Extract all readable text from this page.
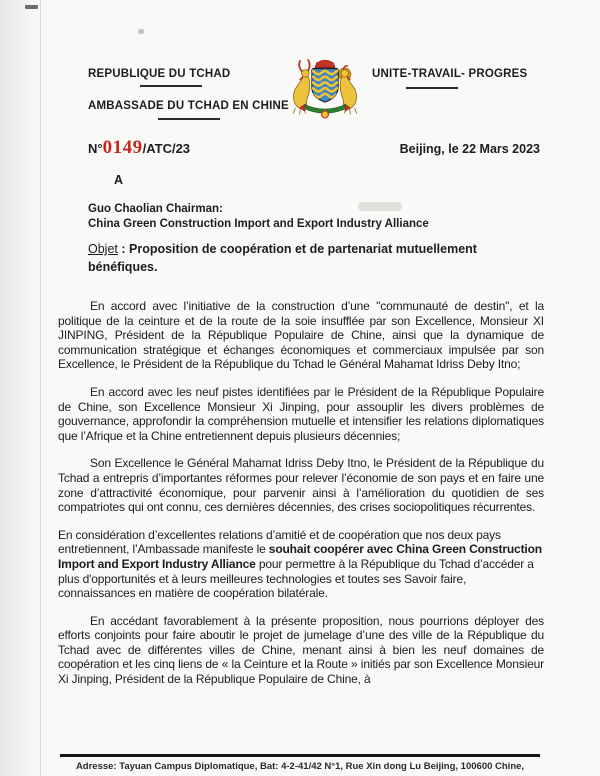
REPUBLIQUE DU TCHAD
AMBASSADE DU TCHAD EN CHINE
UNITE-TRAVAIL- PROGRES
N°0149/ATC/23	Beijing, le 22 Mars 2023
A
Guo Chaolian Chairman:
China Green Construction Import and Export Industry Alliance
Objet : Proposition de coopération et de partenariat mutuellement bénéfiques.

En accord avec l’initiative de la construction d’une "communauté de destin", et la politique de la ceinture et de la route de la soie insufflée par son Excellence, Monsieur XI JINPING, Président de la République Populaire de Chine, ainsi que la dynamique de communication stratégique et échanges économiques et commerciaux impulsée par son Excellence, le Président de la République du Tchad le Général Mahamat Idriss Deby Itno;

En accord avec les neuf pistes identifiées par le Président de la République Populaire de Chine, son Excellence Monsieur Xi Jinping, pour assouplir les divers problèmes de gouvernance, approfondir la compréhension mutuelle et intensifier les relations diplomatiques que l’Afrique et la Chine entretiennent depuis plusieurs décennies;

Son Excellence le Général Mahamat Idriss Deby Itno, le Président de la République du Tchad a entrepris d’importantes réformes pour relever l’économie de son pays et en faire une zone d’attractivité économique, pour parvenir ainsi à l’amélioration du quotidien de ses compatriotes qui ont connu, ces dernières décennies, des crises sociopolitiques récurrentes.

En considération d’excellentes relations d’amitié et de coopération que nos deux pays entretiennent, l’Ambassade manifeste le souhait coopérer avec China Green Construction Import and Export Industry Alliance pour permettre à la République du Tchad d’accéder a plus d'opportunités et à leurs meilleures technologies et toutes ses Savoir faire, connaissances en matière de coopération bilatérale.

En accédant favorablement à la présente proposition, nous pourrions déployer des efforts conjoints pour faire aboutir le projet de jumelage d’une des ville de la République du Tchad avec de différentes villes de Chine, menant ainsi à bien les neuf domaines de coopération et les cinq liens de « la Ceinture et la Route » initiés par son Excellence Monsieur Xi Jinping, Président de la République Populaire de Chine, à

Adresse: Tayuan Campus Diplomatique, Bat: 4-2-41/42 N°1, Rue Xin dong Lu Beijing, 100600 Chine,
